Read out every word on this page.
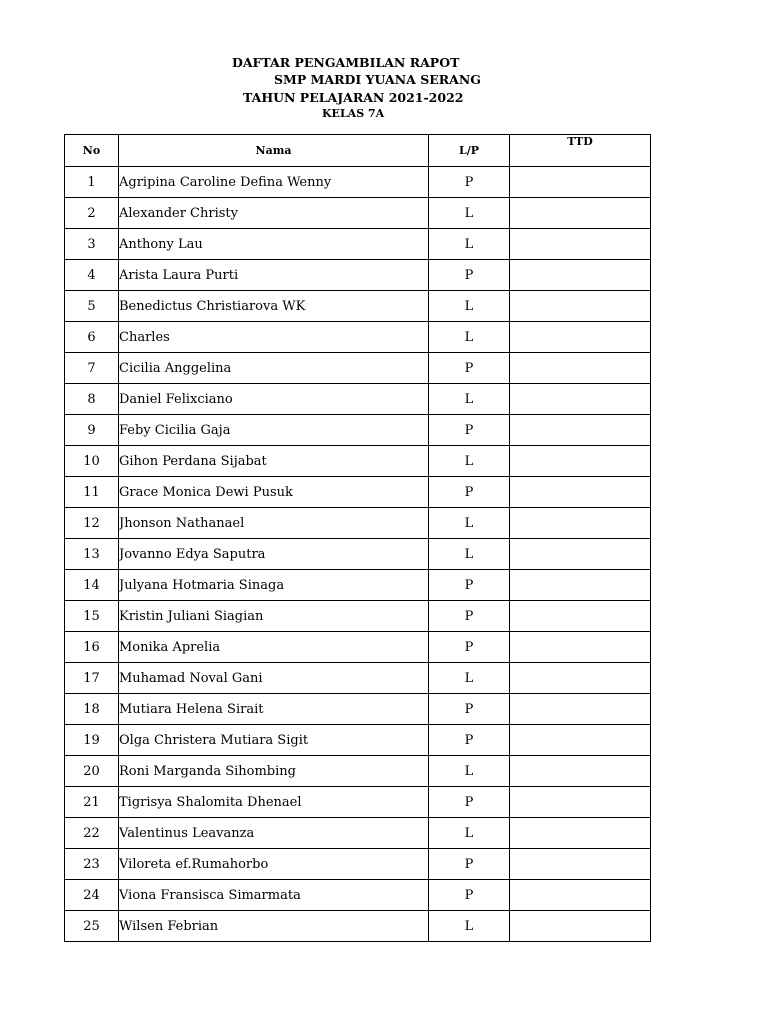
DAFTAR PENGAMBILAN RAPOT
SMP MARDI YUANA SERANG
TAHUN PELAJARAN 2021-2022
KELAS 7A
No	Nama	L/P	TTD
1	Agripina Caroline Defina Wenny	P	
2	Alexander Christy	L	
3	Anthony Lau	L	
4	Arista Laura Purti	P	
5	Benedictus Christiarova WK	L	
6	Charles	L	
7	Cicilia Anggelina	P	
8	Daniel Felixciano	L	
9	Feby Cicilia Gaja	P	
10	Gihon Perdana Sijabat	L	
11	Grace Monica Dewi Pusuk	P	
12	Jhonson Nathanael	L	
13	Jovanno Edya Saputra	L	
14	Julyana Hotmaria Sinaga	P	
15	Kristin Juliani Siagian	P	
16	Monika Aprelia	P	
17	Muhamad Noval Gani	L	
18	Mutiara Helena Sirait	P	
19	Olga Christera Mutiara Sigit	P	
20	Roni Marganda Sihombing	L	
21	Tigrisya Shalomita Dhenael	P	
22	Valentinus Leavanza	L	
23	Viloreta ef.Rumahorbo	P	
24	Viona Fransisca Simarmata	P	
25	Wilsen Febrian	L	
